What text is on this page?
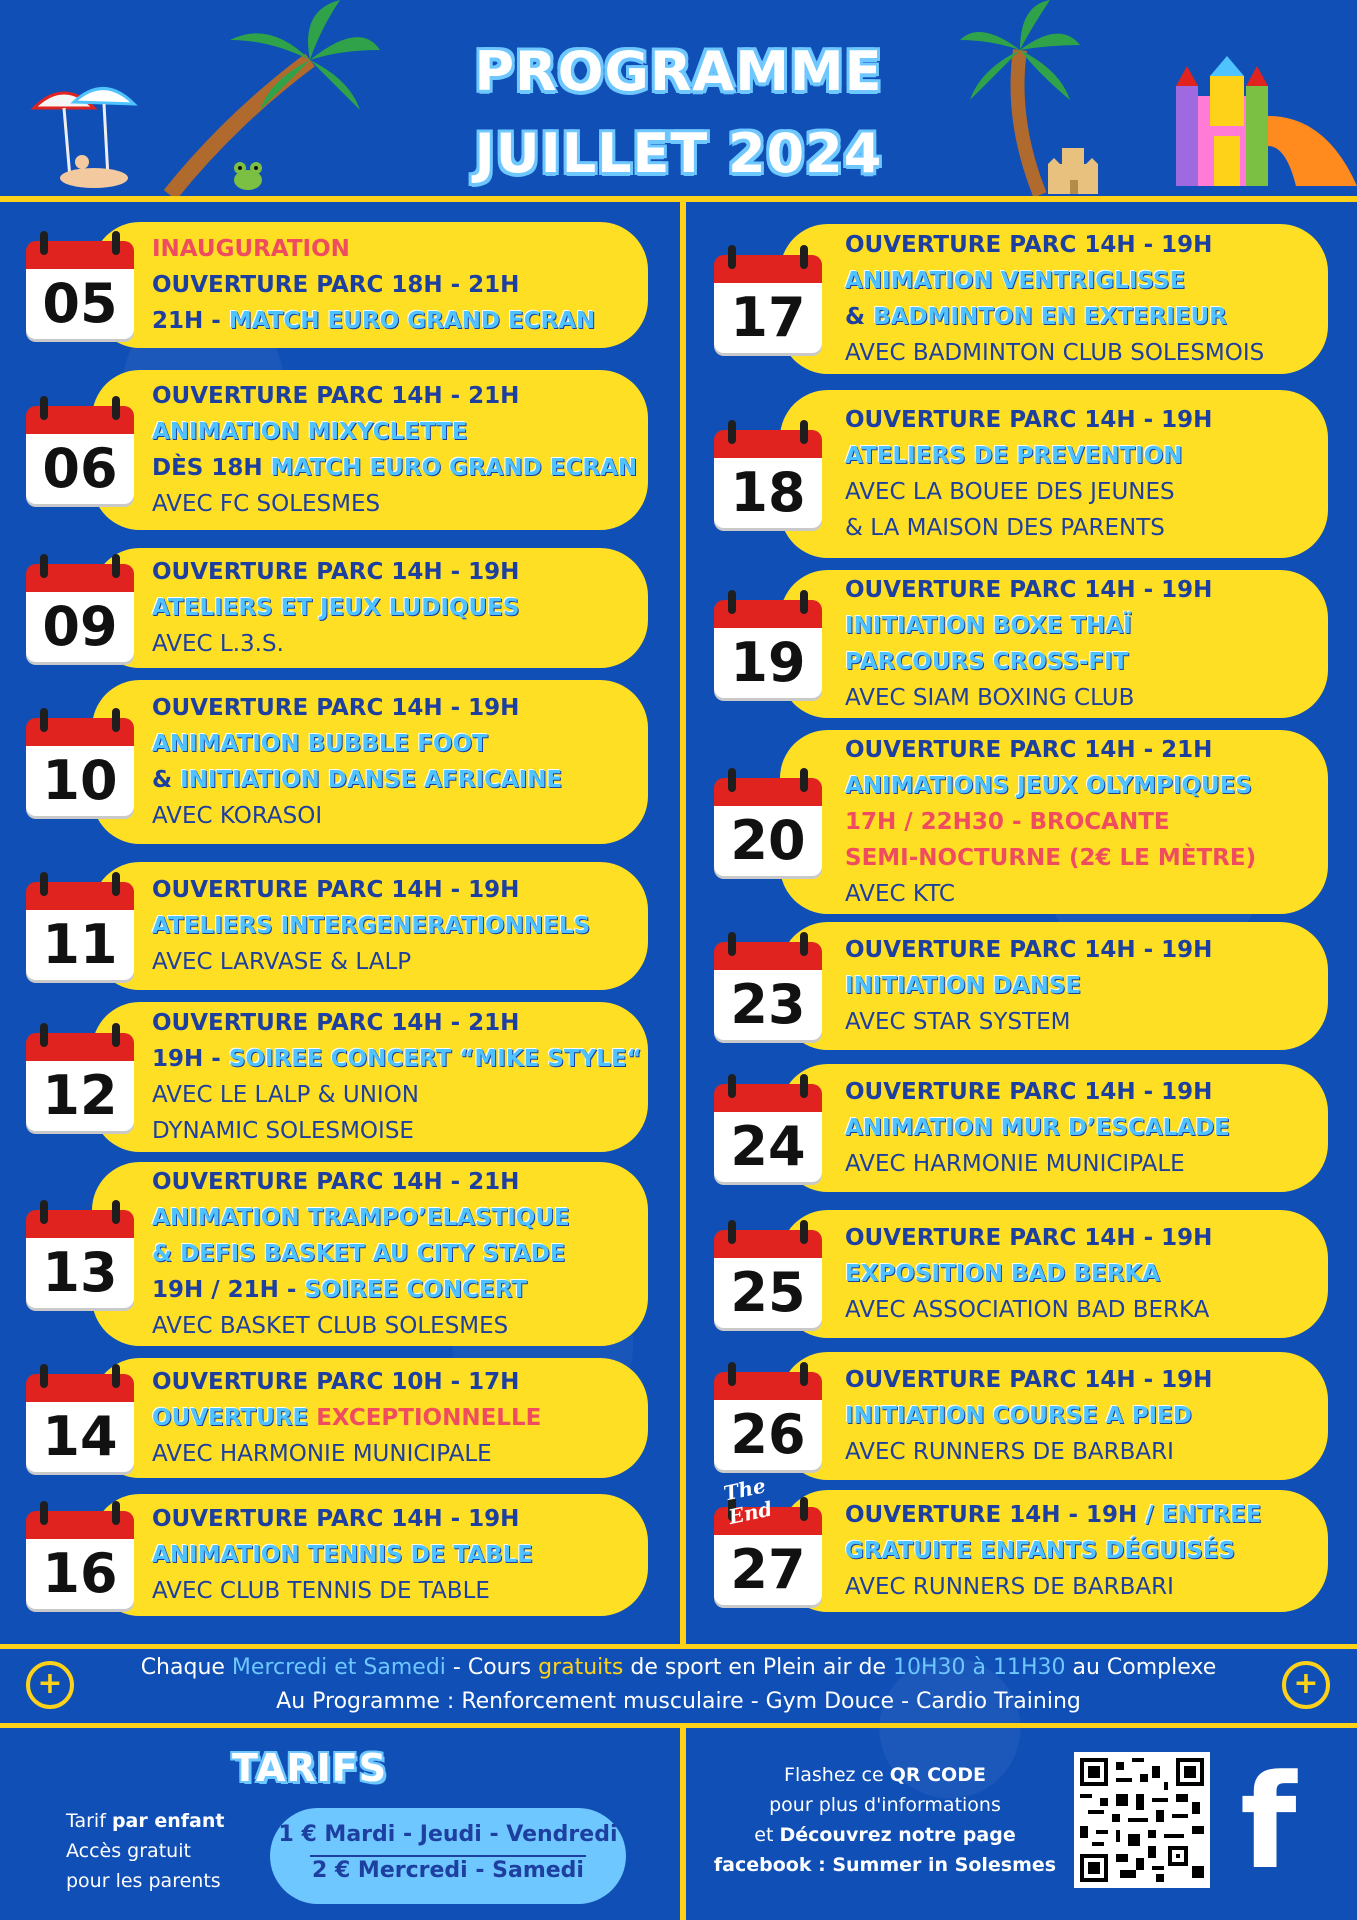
PROGRAMME
JUILLET 2024
05
INAUGURATION
OUVERTURE PARC 18H - 21H
21H - MATCH EURO GRAND ECRAN
06
OUVERTURE PARC 14H - 21H
ANIMATION MIXYCLETTE
DÈS 18H MATCH EURO GRAND ECRAN
AVEC FC SOLESMES
09
OUVERTURE PARC 14H - 19H
ATELIERS ET JEUX LUDIQUES
AVEC L.3.S.
10
OUVERTURE PARC 14H - 19H
ANIMATION BUBBLE FOOT
& INITIATION DANSE AFRICAINE
AVEC KORASOI
11
OUVERTURE PARC 14H - 19H
ATELIERS INTERGENERATIONNELS
AVEC LARVASE & LALP
12
OUVERTURE PARC 14H - 21H
19H - SOIREE CONCERT “MIKE STYLE“
AVEC LE LALP & UNION
DYNAMIC SOLESMOISE
13
OUVERTURE PARC 14H - 21H
ANIMATION TRAMPO’ELASTIQUE
& DEFIS BASKET AU CITY STADE
19H / 21H - SOIREE CONCERT
AVEC BASKET CLUB SOLESMES
14
OUVERTURE PARC 10H - 17H
OUVERTURE EXCEPTIONNELLE
AVEC HARMONIE MUNICIPALE
16
OUVERTURE PARC 14H - 19H
ANIMATION TENNIS DE TABLE
AVEC CLUB TENNIS DE TABLE
17
OUVERTURE PARC 14H - 19H
ANIMATION VENTRIGLISSE
& BADMINTON EN EXTERIEUR
AVEC BADMINTON CLUB SOLESMOIS
18
OUVERTURE PARC 14H - 19H
ATELIERS DE PREVENTION
AVEC LA BOUEE DES JEUNES
& LA MAISON DES PARENTS
19
OUVERTURE PARC 14H - 19H
INITIATION BOXE THAÏ
PARCOURS CROSS-FIT
AVEC SIAM BOXING CLUB
20
OUVERTURE PARC 14H - 21H
ANIMATIONS JEUX OLYMPIQUES
17H / 22H30 - BROCANTE
SEMI-NOCTURNE (2€ LE MÈTRE)
AVEC KTC
23
OUVERTURE PARC 14H - 19H
INITIATION DANSE
AVEC STAR SYSTEM
24
OUVERTURE PARC 14H - 19H
ANIMATION MUR D’ESCALADE
AVEC HARMONIE MUNICIPALE
25
OUVERTURE PARC 14H - 19H
EXPOSITION BAD BERKA
AVEC ASSOCIATION BAD BERKA
26
OUVERTURE PARC 14H - 19H
INITIATION COURSE A PIED
AVEC RUNNERS DE BARBARI
27
The End	OUVERTURE 14H - 19H / ENTREE
GRATUITE ENFANTS DÉGUISÉS
AVEC RUNNERS DE BARBARI
+	Chaque Mercredi et Samedi - Cours gratuits de sport en Plein air de 10H30 à 11H30 au Complexe
Au Programme : Renforcement musculaire - Gym Douce - Cardio Training
+
TARIFS
Tarif par enfant
Accès gratuit
pour les parents
1 € Mardi - Jeudi - Vendredi
2 € Mercredi - Samedi
Flashez ce QR CODE
pour plus d'informations
et Découvrez notre page
facebook : Summer in Solesmes f
